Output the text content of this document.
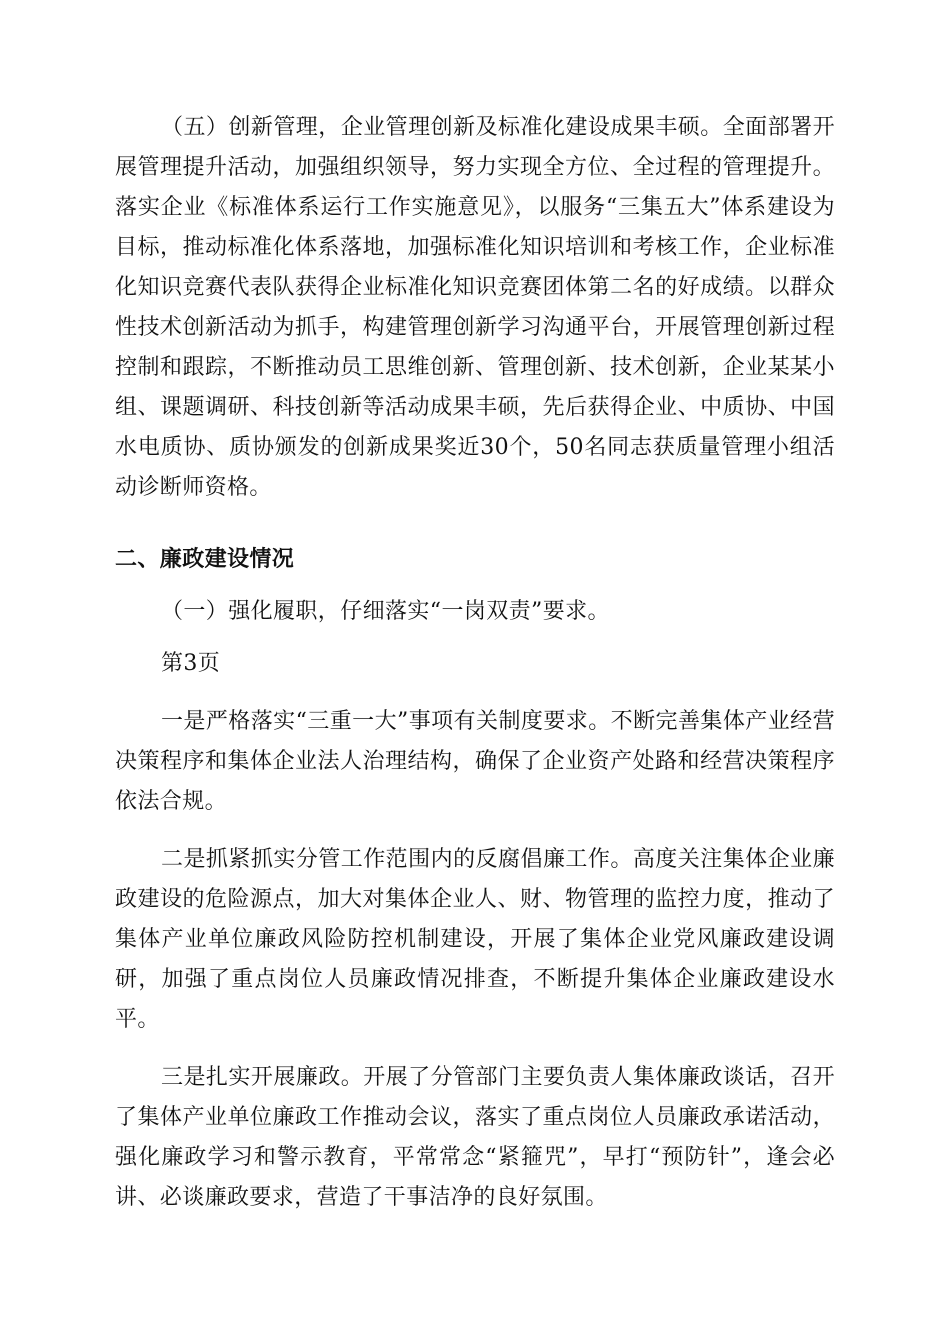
（五）创新管理，企业管理创新及标准化建设成果丰硕。全面部署开展管理提升活动，加强组织领导，努力实现全方位、全过程的管理提升。落实企业《标准体系运行工作实施意见》，以服务“三集五大”体系建设为目标，推动标准化体系落地，加强标准化知识培训和考核工作，企业标准化知识竞赛代表队获得企业标准化知识竞赛团体第二名的好成绩。以群众性技术创新活动为抓手，构建管理创新学习沟通平台，开展管理创新过程控制和跟踪，不断推动员工思维创新、管理创新、技术创新，企业某某小组、课题调研、科技创新等活动成果丰硕，先后获得企业、中质协、中国水电质协、质协颁发的创新成果奖近30个，50名同志获质量管理小组活动诊断师资格。

二、廉政建设情况

（一）强化履职，仔细落实“一岗双责”要求。

第3页

一是严格落实“三重一大”事项有关制度要求。不断完善集体产业经营决策程序和集体企业法人治理结构，确保了企业资产处路和经营决策程序依法合规。

二是抓紧抓实分管工作范围内的反腐倡廉工作。高度关注集体企业廉政建设的危险源点，加大对集体企业人、财、物管理的监控力度，推动了集体产业单位廉政风险防控机制建设，开展了集体企业党风廉政建设调研，加强了重点岗位人员廉政情况排查，不断提升集体企业廉政建设水平。

三是扎实开展廉政。开展了分管部门主要负责人集体廉政谈话，召开了集体产业单位廉政工作推动会议，落实了重点岗位人员廉政承诺活动，强化廉政学习和警示教育，平常常念“紧箍咒”，早打“预防针”，逢会必讲、必谈廉政要求，营造了干事洁净的良好氛围。
